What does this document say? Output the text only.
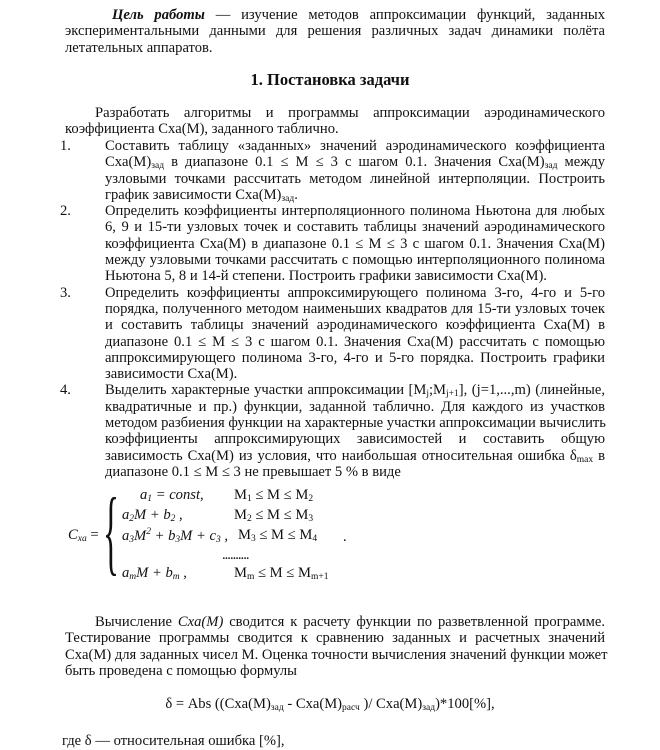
Цель работы — изучение методов аппроксимации функций, заданных
экспериментальными данными для решения различных задач динамики полёта
летательных аппаратов.
1. Постановка задачи
Разработать алгоритмы и программы аппроксимации аэродинамического
коэффициента Cxa(M), заданного таблично.
1. Составить таблицу «заданных» значений аэродинамического коэффициента
$Cxa(M)_{зад}$ в диапазоне 0.1 ≤ M ≤ 3 с шагом 0.1. Значения $Cxa(M)_{зад}$ между
узловыми точками рассчитать методом линейной интерполяции. Построить
график зависимости $Cxa(M)_{зад}$.
2. Определить коэффициенты интерполяционного полинома Ньютона для любых
6, 9 и 15-ти узловых точек и составить таблицы значений аэродинамического
коэффициента Cxa(M) в диапазоне 0.1 ≤ M ≤ 3 с шагом 0.1. Значения Cxa(M)
между узловыми точками рассчитать с помощью интерполяционного полинома
Ньютона 5, 8 и 14-й степени. Построить графики зависимости Cxa(M).
3. Определить коэффициенты аппроксимирующего полинома 3-го, 4-го и 5-го
порядка, полученного методом наименьших квадратов для 15-ти узловых точек
и составить таблицы значений аэродинамического коэффициента Cxa(M) в
диапазоне 0.1 ≤ M ≤ 3 с шагом 0.1. Значения Cxa(M) рассчитать с помощью
аппроксимирующего полинома 3-го, 4-го и 5-го порядка. Построить графики
зависимости Cxa(M).
4. Выделить характерные участки аппроксимации $[M_j;M_{j+1}]$, (j=1,...,m) (линейные,
квадратичные и пр.) функции, заданной таблично. Для каждого из участков
методом разбиения функции на характерные участки аппроксимации вычислить
коэффициенты аппроксимирующих зависимостей и составить общую
зависимость Cxa(M) из условия, что наибольшая относительная ошибка $\delta_{max}$ в
диапазоне 0.1 ≤ M ≤ 3 не превышает 5 % в виде
$C_{xa}$ = { $a_1$ = const, $M_1 \le M \le M_2$
$a_2M + b_2$ ,	$M_2 \le M \le M_3$
$a_3M^2 + b_3M + c_3$ , $M_3 \le M \le M_4$
..........
$a_mM + b_m$ ,	$M_m \le M \le M_{m+1}$
.
Вычисление Cxa(M) сводится к расчету функции по разветвленной программе.
Тестирование программы сводится к сравнению заданных и расчетных значений
Cxa(M) для заданных чисел M. Оценка точности вычисления значений функции может
быть проведена с помощью формулы
δ = Abs (($Cxa(M)_{зад} - Cxa(M)_{расч}$ )/ $Cxa(M)_{зад})*100[\%]$,
где δ — относительная ошибка [%],
